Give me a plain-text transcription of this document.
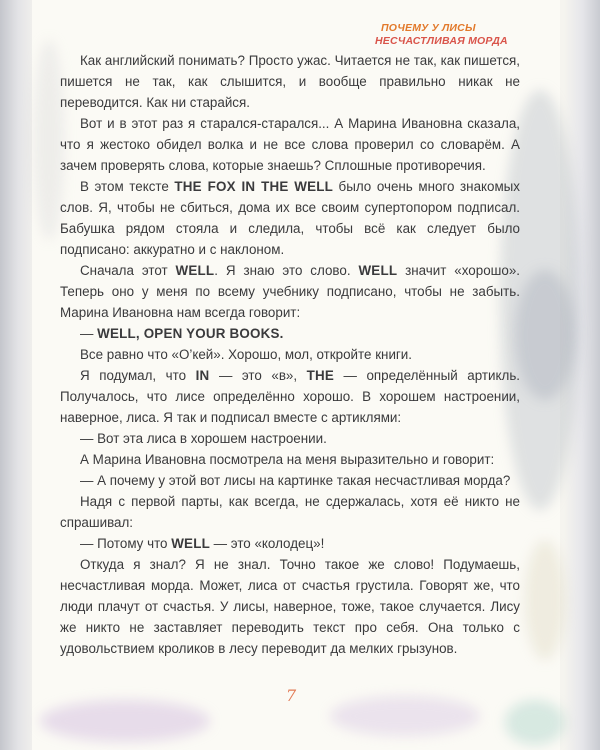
ПОЧЕМУ У ЛИСЫ
НЕСЧАСТЛИВАЯ МОРДА

Как английский понимать? Просто ужас. Читается не так, как пишется, пишется не так, как слышится, и вообще правильно никак не переводится. Как ни старайся.

Вот и в этот раз я старался-старался... А Марина Ивановна сказала, что я жестоко обидел волка и не все слова проверил со словарём. А зачем проверять слова, которые знаешь? Сплошные противоречия.

В этом тексте THE FOX IN THE WELL было очень много знакомых слов. Я, чтобы не сбиться, дома их все своим супертопором подписал. Бабушка рядом стояла и следила, чтобы всё как следует было подписано: аккуратно и с наклоном.

Сначала этот WELL. Я знаю это слово. WELL значит «хорошо». Теперь оно у меня по всему учебнику подписано, чтобы не забыть. Марина Ивановна нам всегда говорит:

— WELL, OPEN YOUR BOOKS.

Все равно что «О’кей». Хорошо, мол, откройте книги.

Я подумал, что IN — это «в», THE — определённый артикль. Получалось, что лисе определённо хорошо. В хорошем настроении, наверное, лиса. Я так и подписал вместе с артиклями:

— Вот эта лиса в хорошем настроении.

А Марина Ивановна посмотрела на меня выразительно и говорит:

— А почему у этой вот лисы на картинке такая несчастливая морда?

Надя с первой парты, как всегда, не сдержалась, хотя её никто не спрашивал:

— Потому что WELL — это «колодец»!

Откуда я знал? Я не знал. Точно такое же слово! Подумаешь, несчастливая морда. Может, лиса от счастья грустила. Говорят же, что люди плачут от счастья. У лисы, наверное, тоже, такое случается. Лису же никто не заставляет переводить текст про себя. Она только с удовольствием кроликов в лесу переводит да мелких грызунов.

7
